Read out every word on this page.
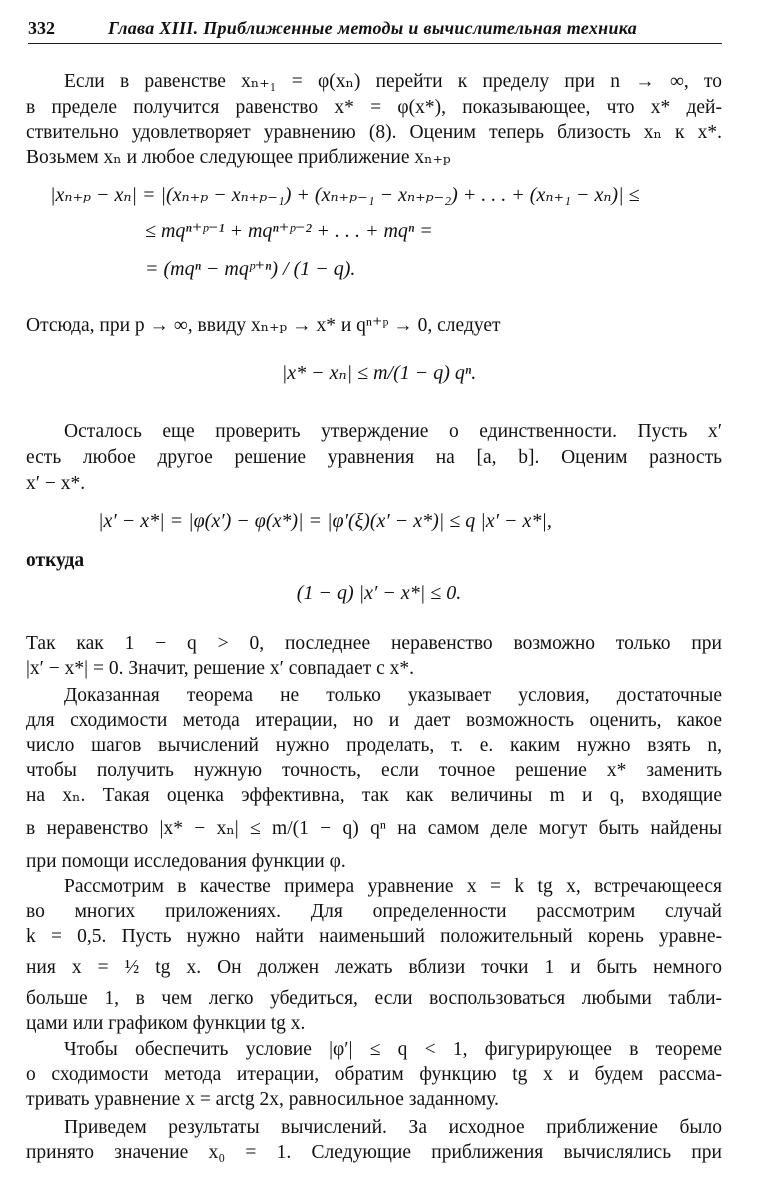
332	Глава XIII. Приближенные методы и вычислительная техника
Если в равенстве xₙ₊₁ = φ(xₙ) перейти к пределу при n → ∞, то
в пределе получится равенство x* = φ(x*), показывающее, что x* дей-
ствительно удовлетворяет уравнению (8). Оценим теперь близость xₙ к x*.
Возьмем xₙ и любое следующее приближение xₙ₊ₚ
|xₙ₊ₚ − xₙ| = |(xₙ₊ₚ − xₙ₊ₚ₋₁) + (xₙ₊ₚ₋₁ − xₙ₊ₚ₋₂) + . . . + (xₙ₊₁ − xₙ)| ≤
≤ mqⁿ⁺ᵖ⁻¹ + mqⁿ⁺ᵖ⁻² + . . . + mqⁿ =
= (mqⁿ − mqᵖ⁺ⁿ) / (1 − q).
Отсюда, при p → ∞, ввиду xₙ₊ₚ → x* и qⁿ⁺ᵖ → 0, следует
|x* − xₙ| ≤ m/(1 − q) qⁿ.
Осталось еще проверить утверждение о единственности. Пусть x′
есть любое другое решение уравнения на [a, b]. Оценим разность
x′ − x*.
|x′ − x*| = |φ(x′) − φ(x*)| = |φ′(ξ)(x′ − x*)| ≤ q |x′ − x*|,
откуда
(1 − q) |x′ − x*| ≤ 0.
Так как 1 − q > 0, последнее неравенство возможно только при
|x′ − x*| = 0. Значит, решение x′ совпадает с x*.
Доказанная теорема не только указывает условия, достаточные
для сходимости метода итерации, но и дает возможность оценить, какое
число шагов вычислений нужно проделать, т. е. каким нужно взять n,
чтобы получить нужную точность, если точное решение x* заменить
на xₙ. Такая оценка эффективна, так как величины m и q, входящие
в неравенство |x* − xₙ| ≤ m/(1 − q) qⁿ на самом деле могут быть найдены
при помощи исследования функции φ.
Рассмотрим в качестве примера уравнение x = k tg x, встречающееся
во многих приложениях. Для определенности рассмотрим случай
k = 0,5. Пусть нужно найти наименьший положительный корень уравне-
ния x = ½ tg x. Он должен лежать вблизи точки 1 и быть немного
больше 1, в чем легко убедиться, если воспользоваться любыми табли-
цами или графиком функции tg x.
Чтобы обеспечить условие |φ′| ≤ q < 1, фигурирующее в теореме
о сходимости метода итерации, обратим функцию tg x и будем рассма-
тривать уравнение x = arctg 2x, равносильное заданному.
Приведем результаты вычислений. За исходное приближение было
принято значение x₀ = 1. Следующие приближения вычислялись при
